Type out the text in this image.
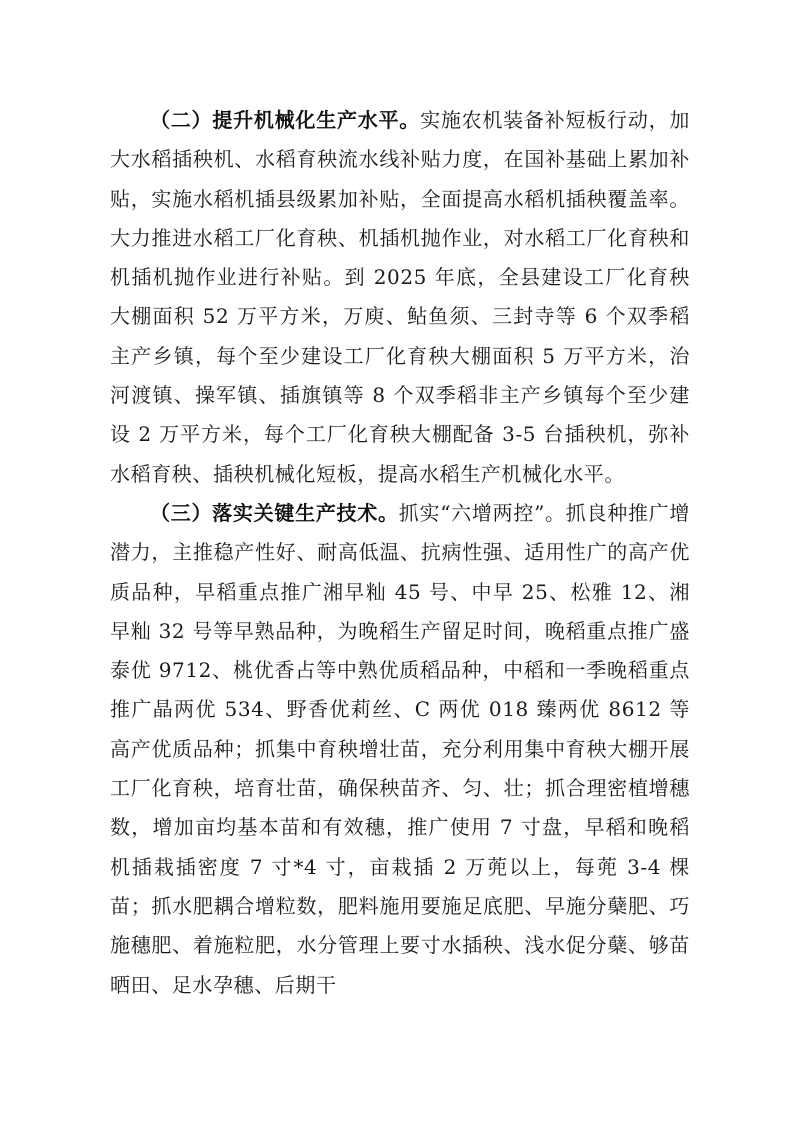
（二）提升机械化生产水平。实施农机装备补短板行动，加大水稻插秧机、水稻育秧流水线补贴力度，在国补基础上累加补贴，实施水稻机插县级累加补贴，全面提高水稻机插秧覆盖率。大力推进水稻工厂化育秧、机插机抛作业，对水稻工厂化育秧和机插机抛作业进行补贴。到 2025 年底，全县建设工厂化育秧大棚面积 52 万平方米，万庾、鲇鱼须、三封寺等 6 个双季稻主产乡镇，每个至少建设工厂化育秧大棚面积 5 万平方米，治河渡镇、操军镇、插旗镇等 8 个双季稻非主产乡镇每个至少建设 2 万平方米，每个工厂化育秧大棚配备 3-5 台插秧机，弥补水稻育秧、插秧机械化短板，提高水稻生产机械化水平。

（三）落实关键生产技术。抓实“六增两控”。抓良种推广增潜力，主推稳产性好、耐高低温、抗病性强、适用性广的高产优质品种，早稻重点推广湘早籼 45 号、中早 25、松雅 12、湘早籼 32 号等早熟品种，为晚稻生产留足时间，晚稻重点推广盛泰优 9712、桃优香占等中熟优质稻品种，中稻和一季晚稻重点推广晶两优 534、野香优莉丝、C 两优 018 臻两优 8612 等高产优质品种；抓集中育秧增壮苗，充分利用集中育秧大棚开展工厂化育秧，培育壮苗，确保秧苗齐、匀、壮；抓合理密植增穗数，增加亩均基本苗和有效穗，推广使用 7 寸盘，早稻和晚稻机插栽插密度 7 寸*4 寸，亩栽插 2 万蔸以上，每蔸 3-4 棵苗；抓水肥耦合增粒数，肥料施用要施足底肥、早施分蘖肥、巧施穗肥、着施粒肥，水分管理上要寸水插秧、浅水促分蘖、够苗晒田、足水孕穗、后期干
